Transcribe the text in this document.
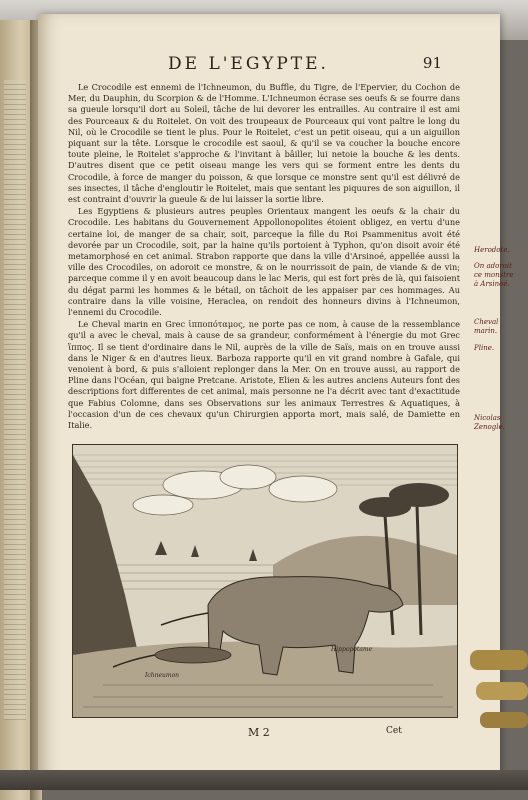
DE L'EGYPTE.	91

Le Crocodile est ennemi de l'Ichneumon, du Buffle, du Tigre, de l'Epervier, du Cochon de Mer, du Dauphin, du Scorpion & de l'Homme. L'Ichneumon écrase ses oeufs & se fourre dans sa gueule lorsqu'il dort au Soleil, tâche de lui devorer les entrailles. Au contraire il est ami des Pourceaux & du Roitelet. On voit des troupeaux de Pourceaux qui vont paître le long du Nil, où le Crocodile se tient le plus. Pour le Roitelet, c'est un petit oiseau, qui a un aiguillon piquant sur la tête. Lorsque le crocodile est saoul, & qu'il se va coucher la bouche encore toute pleine, le Roitelet s'approche & l'invitant à bâiller, lui netoie la bouche & les dents. D'autres disent que ce petit oiseau mange les vers qui se forment entre les dents du Crocodile, à force de manger du poisson, & que lorsque ce monstre sent qu'il est délivré de ses insectes, il tâche d'engloutir le Roitelet, mais que sentant les piquures de son aiguillon, il est contraint d'ouvrir la gueule & de lui laisser la sortie libre.

Les Egyptiens & plusieurs autres peuples Orientaux mangent les oeufs & la chair du Crocodile. Les habitans du Gouvernement Appollonopolites étoient obligez, en vertu d'une certaine loi, de manger de sa chair, soit, parceque la fille du Roi Psammenitus avoit été devorée par un Crocodile, soit, par la haine qu'ils portoient à Typhon, qu'on disoit avoir été metamorphosé en cet animal. Strabon rapporte que dans la ville d'Arsinoé, appellée aussi la ville des Crocodiles, on adoroit ce monstre, & on le nourrissoit de pain, de viande & de vin; parceque comme il y en avoit beaucoup dans le lac Meris, qui est fort près de là, qui faisoient du dégat parmi les hommes & le bétail, on tâchoit de les appaiser par ces hommages. Au contraire dans la ville voisine, Heraclea, on rendoit des honneurs divins à l'Ichneumon, l'ennemi du Crocodile.

Le Cheval marin en Grec ἱπποπόταμος, ne porte pas ce nom, à cause de la ressemblance qu'il a avec le cheval, mais à cause de sa grandeur, conformément à l'énergie du mot Grec ἵππος. Il se tient d'ordinaire dans le Nil, auprès de la ville de Saïs, mais on en trouve aussi dans le Niger & en d'autres lieux. Barboza rapporte qu'il en vit grand nombre à Gafale, qui venoient à bord, & puis s'alloient replonger dans la Mer. On en trouve aussi, au rapport de Pline dans l'Océan, qui baigne Pretcane. Aristote, Elien & les autres anciens Auteurs font des descriptions fort differentes de cet animal, mais personne ne l'a décrit avec tant d'exactitude que Fabius Colomne, dans ses Observations sur les animaux Terrestres & Aquatiques, à l'occasion d'un de ces chevaux qu'un Chirurgien apporta mort, mais salé, de Damiette en Italie.

Herodote.
On adoroit ce monstre à Arsinoé.
Cheval marin.
Pline.
Nicolas Zenogle.
Ichneumon
Hippopotame
M 2	Cet
